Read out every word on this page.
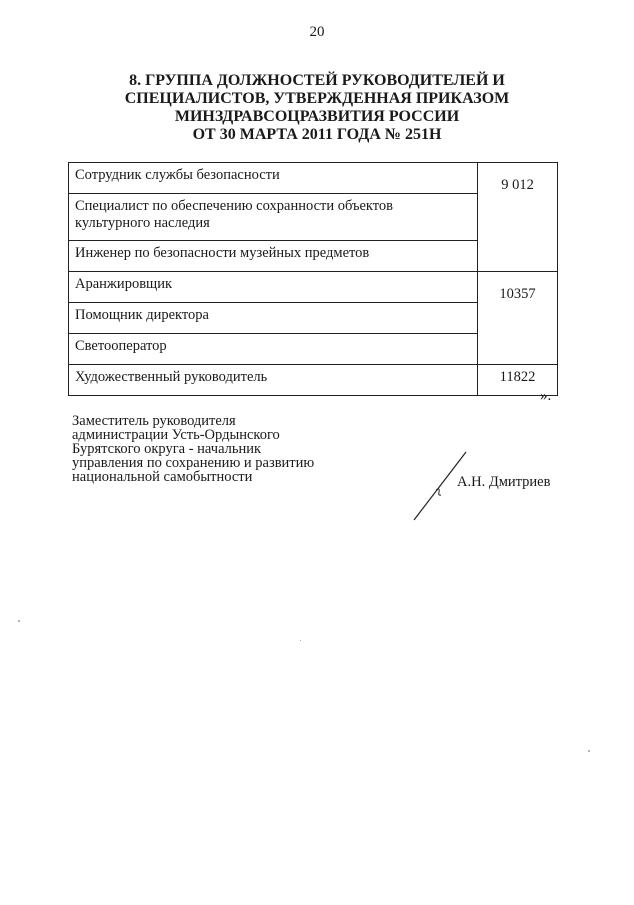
20
8. ГРУППА ДОЛЖНОСТЕЙ РУКОВОДИТЕЛЕЙ И
СПЕЦИАЛИСТОВ, УТВЕРЖДЕННАЯ ПРИКАЗОМ
МИНЗДРАВСОЦРАЗВИТИЯ РОССИИ
ОТ 30 МАРТА 2011 ГОДА № 251Н
Сотрудник службы безопасности	9 012
Специалист по обеспечению сохранности объектов культурного наследия	
Инженер по безопасности музейных предметов	
Аранжировщик	10357
Помощник директора	
Светооператор	
Художественный руководитель	11822
».
Заместитель руководителя
администрации Усть-Ордынского
Бурятского округа - начальник
управления по сохранению и развитию
национальной самобытности	А.Н. Дмитриев
